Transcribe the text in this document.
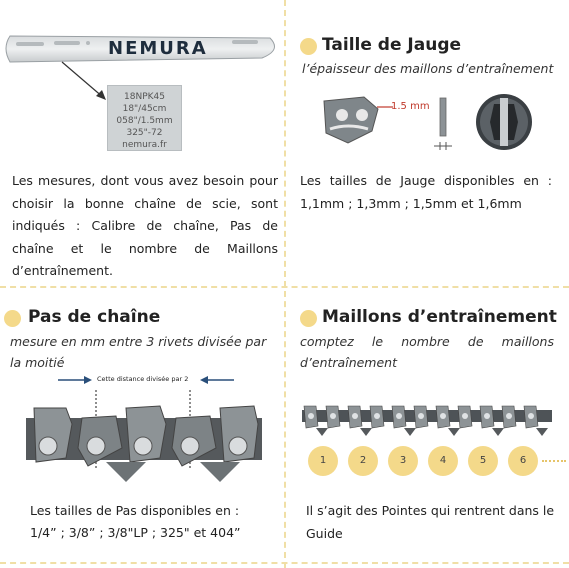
NEMURA
18NPK45
18"/45cm
058"/1.5mm
325"-72
nemura.fr
Les mesures, dont vous avez besoin pour choisir la bonne chaîne de scie, sont indiqués : Calibre de chaîne, Pas de chaîne et le nombre de Maillons d’entraînement.
Taille de Jauge
l’épaisseur des maillons d’entraînement
1.5 mm
Les tailles de Jauge disponibles en : 1,1mm ; 1,3mm ; 1,5mm et 1,6mm
Pas de chaîne
mesure en mm entre 3 rivets divisée par la moitié
Cette distance divisée par 2
Les tailles de Pas disponibles en :
1/4” ; 3/8” ; 3/8"LP ; 325" et 404”
Maillons d’entraînement
comptez le nombre de maillons d’entraînement
1	2	3	4	5	6
Il s’agit des Pointes qui rentrent dans le Guide
